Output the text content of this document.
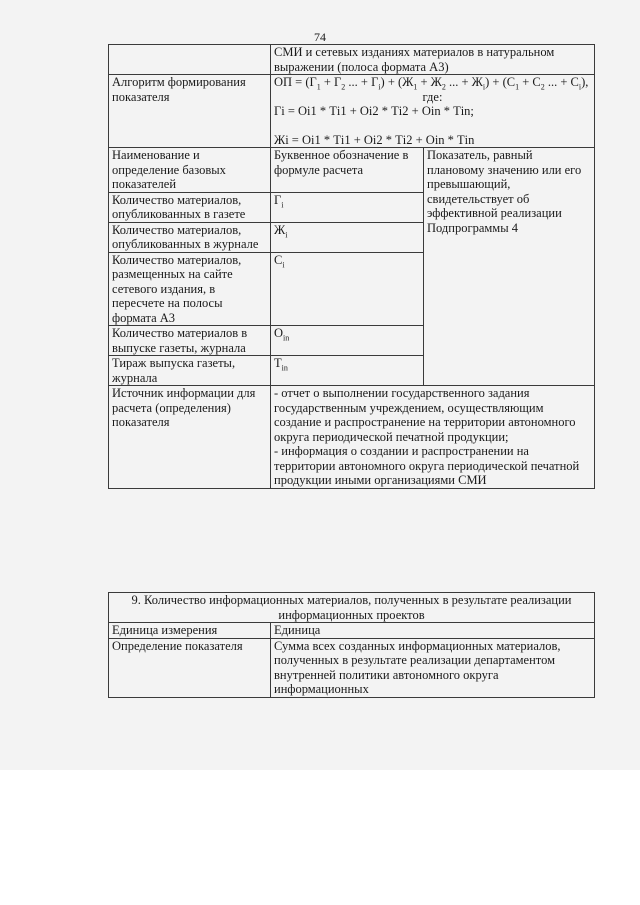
74
	СМИ и сетевых изданиях материалов в натуральном выражении (полоса формата А3)	
Алгоритм формирования показателя	ОП = ($Г_1 + Г_2$ ... + $Г_i) + (Ж_1 + Ж_2$ ... + $Ж_i) + (С_1 + С_2$ ... + $С_i$),
где:
Гi = Оi1 * Тi1 + Оi2 * Тi2 + Оin * Тin;
Жi = Оi1 * Тi1 + Оi2 * Тi2 + Оin * Тin	

Наименование и определение базовых показателей	Буквенное обозначение в формуле расчета	Показатель, равный плановому значению или его превышающий, свидетельствует об эффективной реализации Подпрограммы 4
Количество материалов, опубликованных в газете	$Г_i$
Количество материалов, опубликованных в журнале	$Ж_i$
Количество материалов, размещенных на сайте сетевого издания, в пересчете на полосы формата А3	$С_i$
Количество материалов в выпуске газеты, журнала	$О_{in}$
Тираж выпуска газеты, журнала	$Т_{in}$
Источник информации для расчета (определения) показателя	- отчет о выполнении государственного задания государственным учреждением, осуществляющим создание и распространение на территории автономного округа периодической печатной продукции;
- информация о создании и распространении на территории автономного округа периодической печатной продукции иными организациями СМИ	
9. Количество информационных материалов, полученных в результате реализации информационных проектов	
Единица измерения	Единица
Определение показателя	Сумма всех созданных информационных материалов, полученных в результате реализации департаментом внутренней политики автономного округа информационных
